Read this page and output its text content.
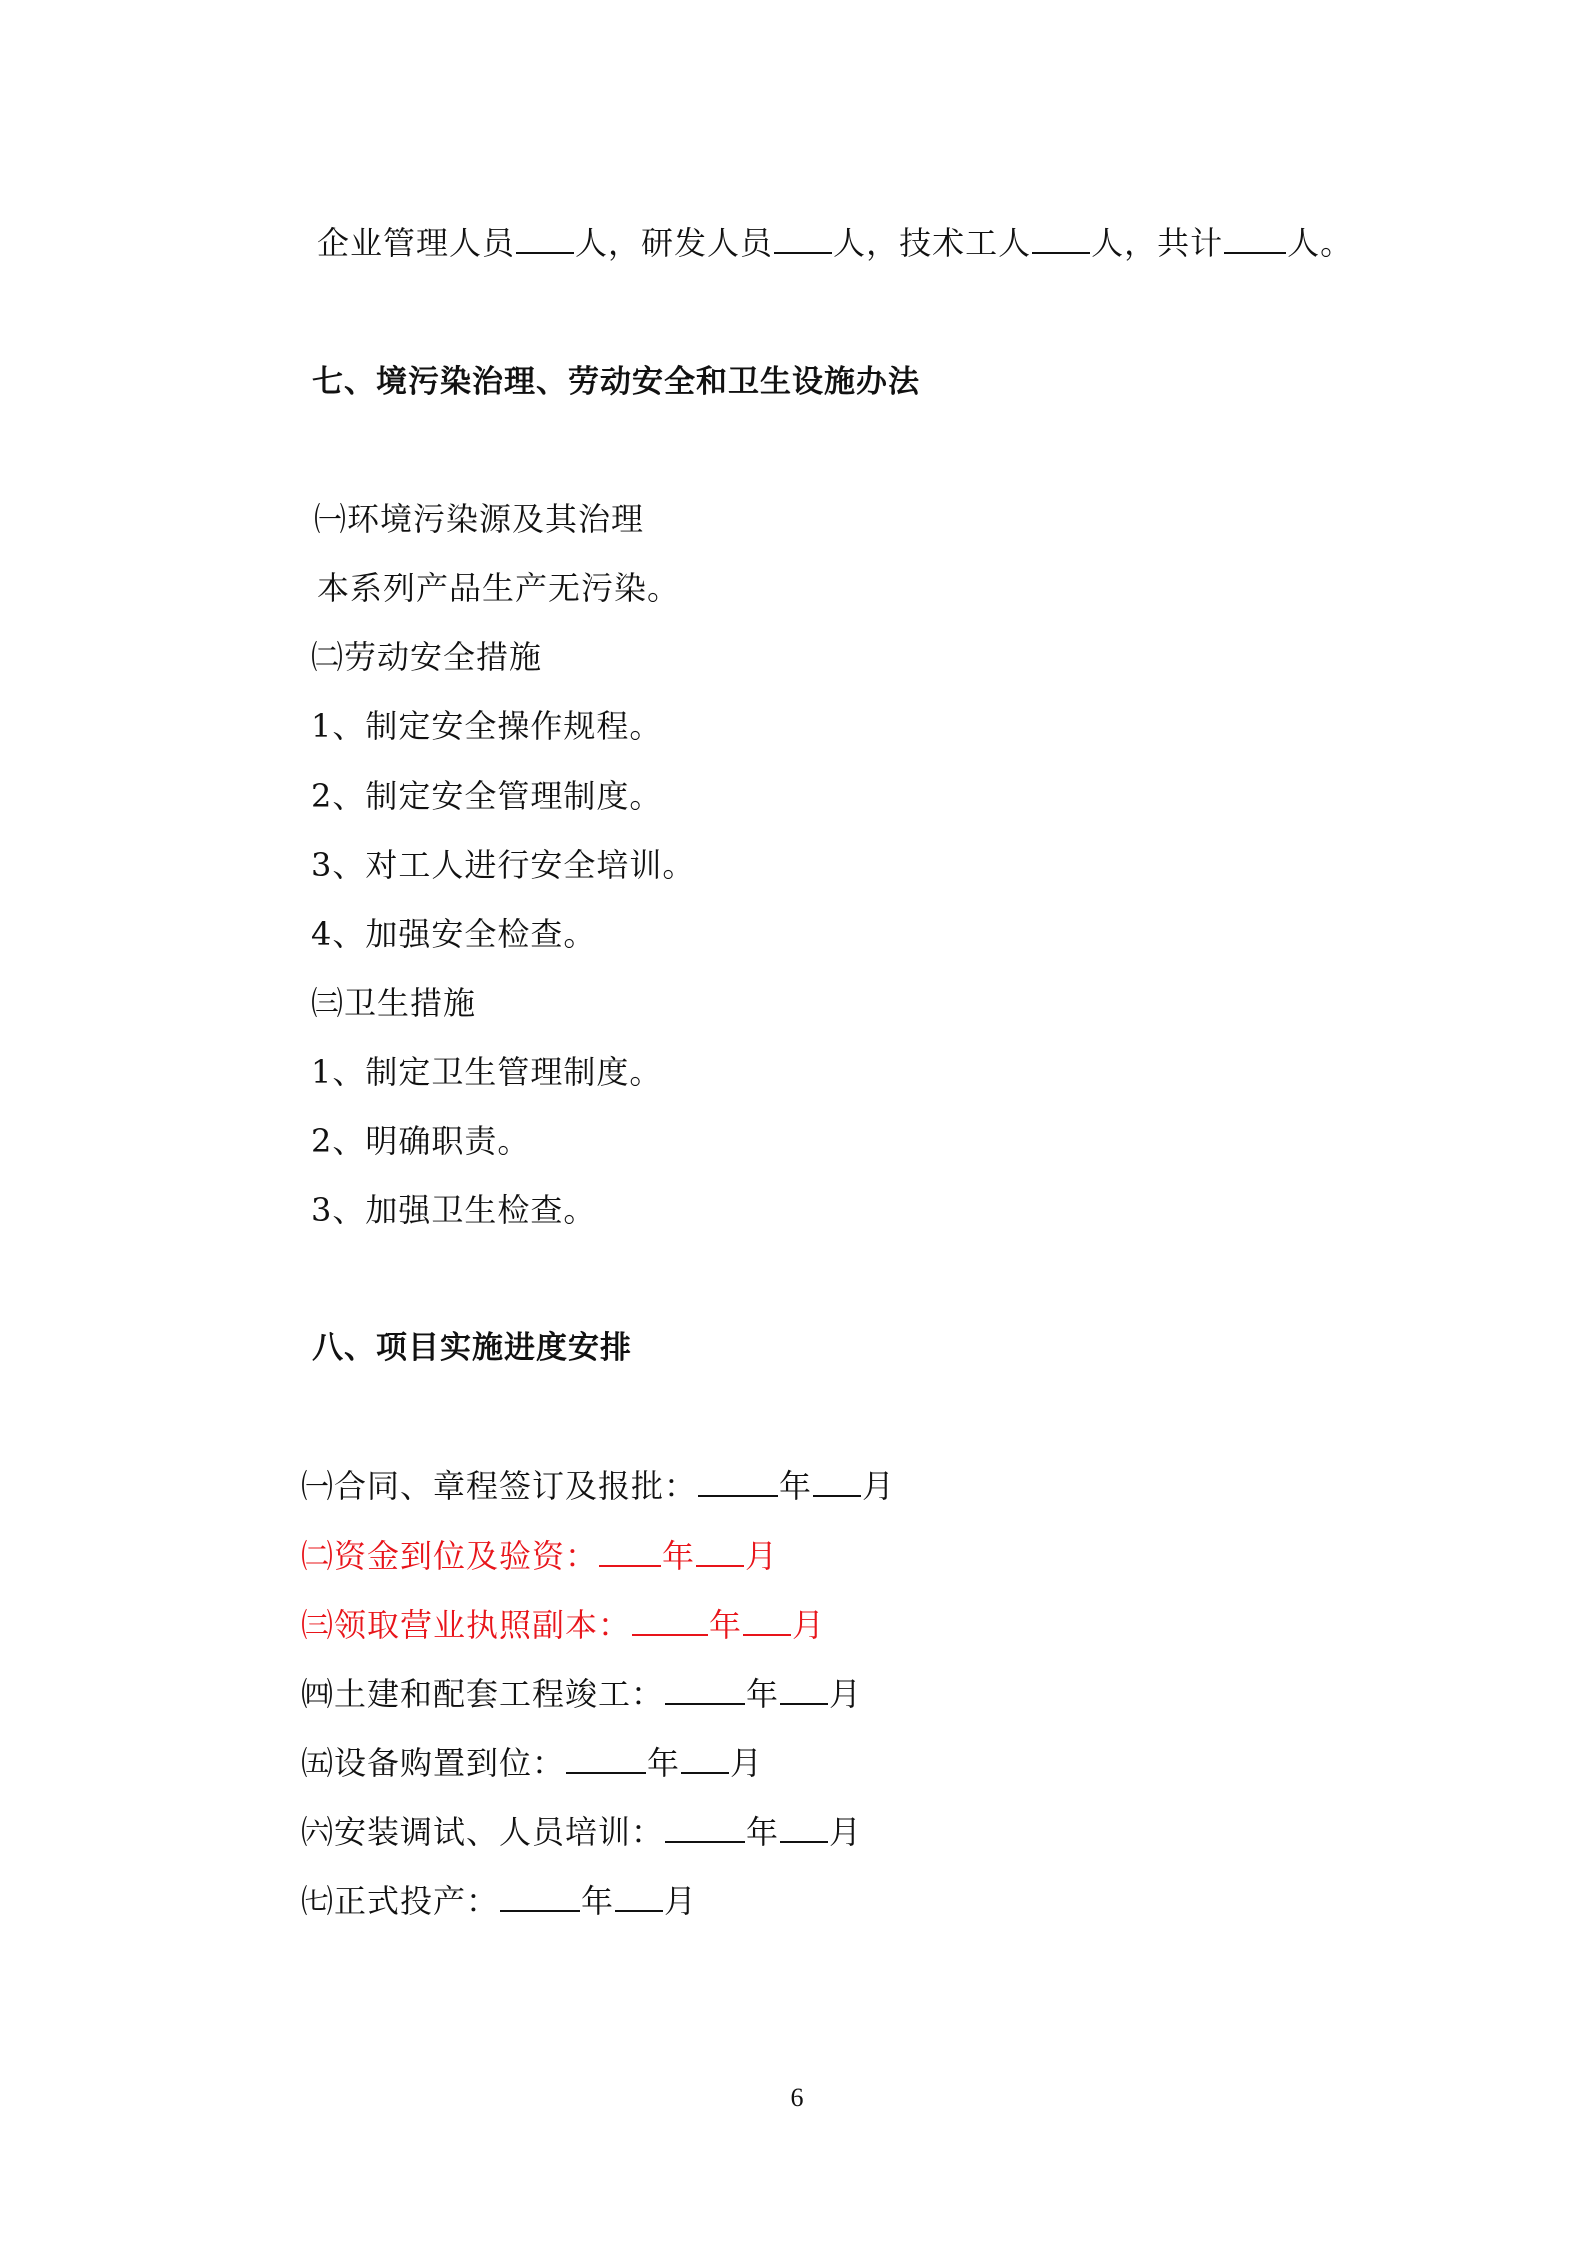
企业管理人员 人，研发人员 人，技术工人 人，共计 人。
七、境污染治理、劳动安全和卫生设施办法
㈠环境污染源及其治理
本系列产品生产无污染。
㈡劳动安全措施
1、制定安全操作规程。
2、制定安全管理制度。
3、对工人进行安全培训。
4、加强安全检查。
㈢卫生措施
1、制定卫生管理制度。
2、明确职责。
3、加强卫生检查。
八、项目实施进度安排
㈠合同、章程签订及报批：	年 月
㈡资金到位及验资： 年 月
㈢领取营业执照副本： 年 月
㈣土建和配套工程竣工：	年 月
㈤设备购置到位：	年 月
㈥安装调试、人员培训：	年 月
㈦正式投产：	年 月
6
